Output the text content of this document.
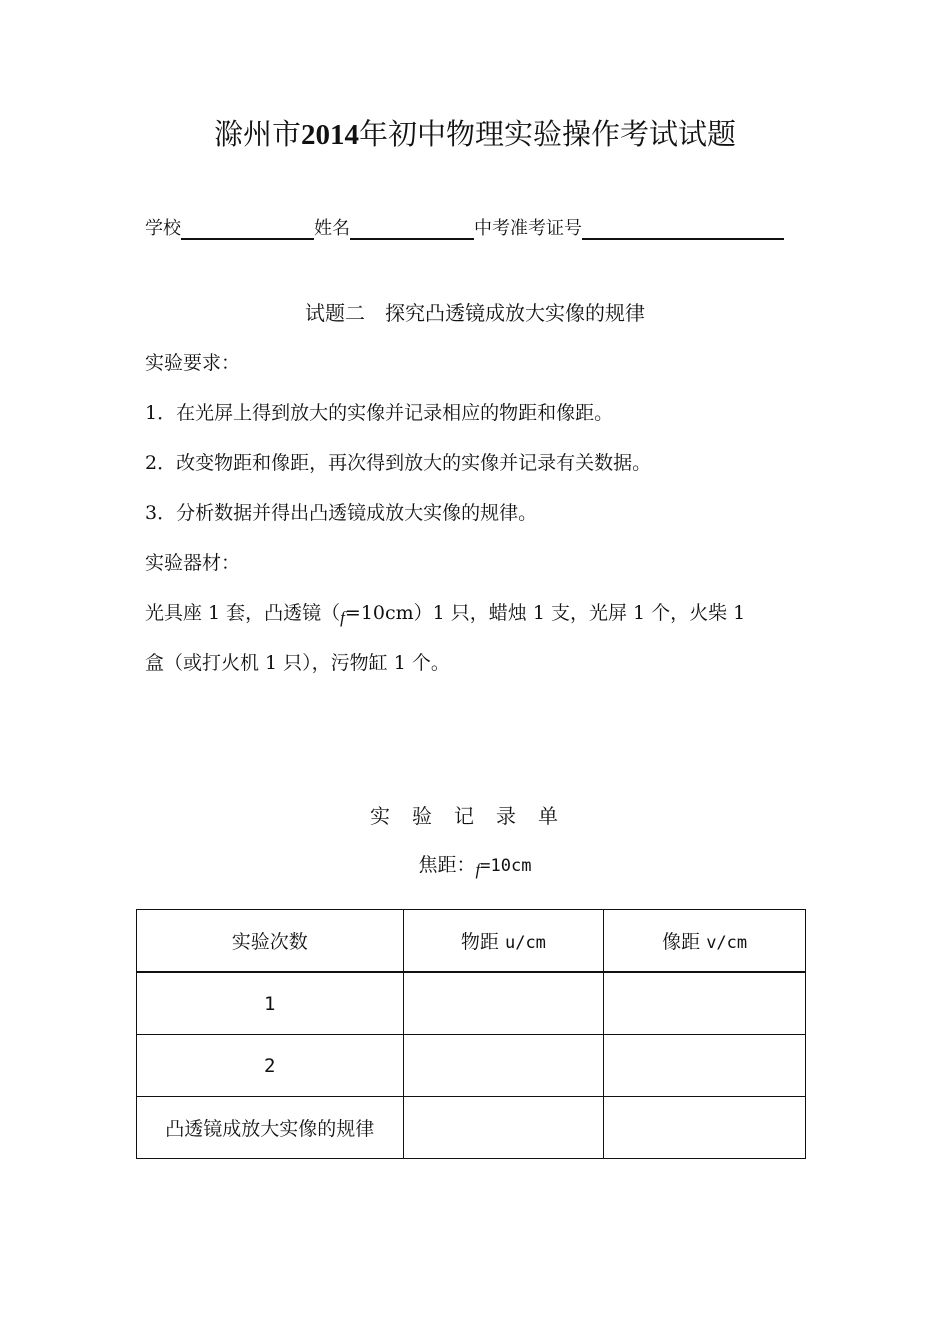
滁州市2014年初中物理实验操作考试试题
学校	姓名	中考准考证号
试题二　探究凸透镜成放大实像的规律
实验要求：
1．在光屏上得到放大的实像并记录相应的物距和像距。
2．改变物距和像距，再次得到放大的实像并记录有关数据。
3．分析数据并得出凸透镜成放大实像的规律。
实验器材：
光具座 1 套，凸透镜（f=10cm）1 只，蜡烛 1 支，光屏 1 个，火柴 1
盒（或打火机 1 只），污物缸 1 个。
实验记录单
焦距：f=10cm
实验次数	物距 u/cm	像距 v/cm
1		
2		
凸透镜成放大实像的规律		
